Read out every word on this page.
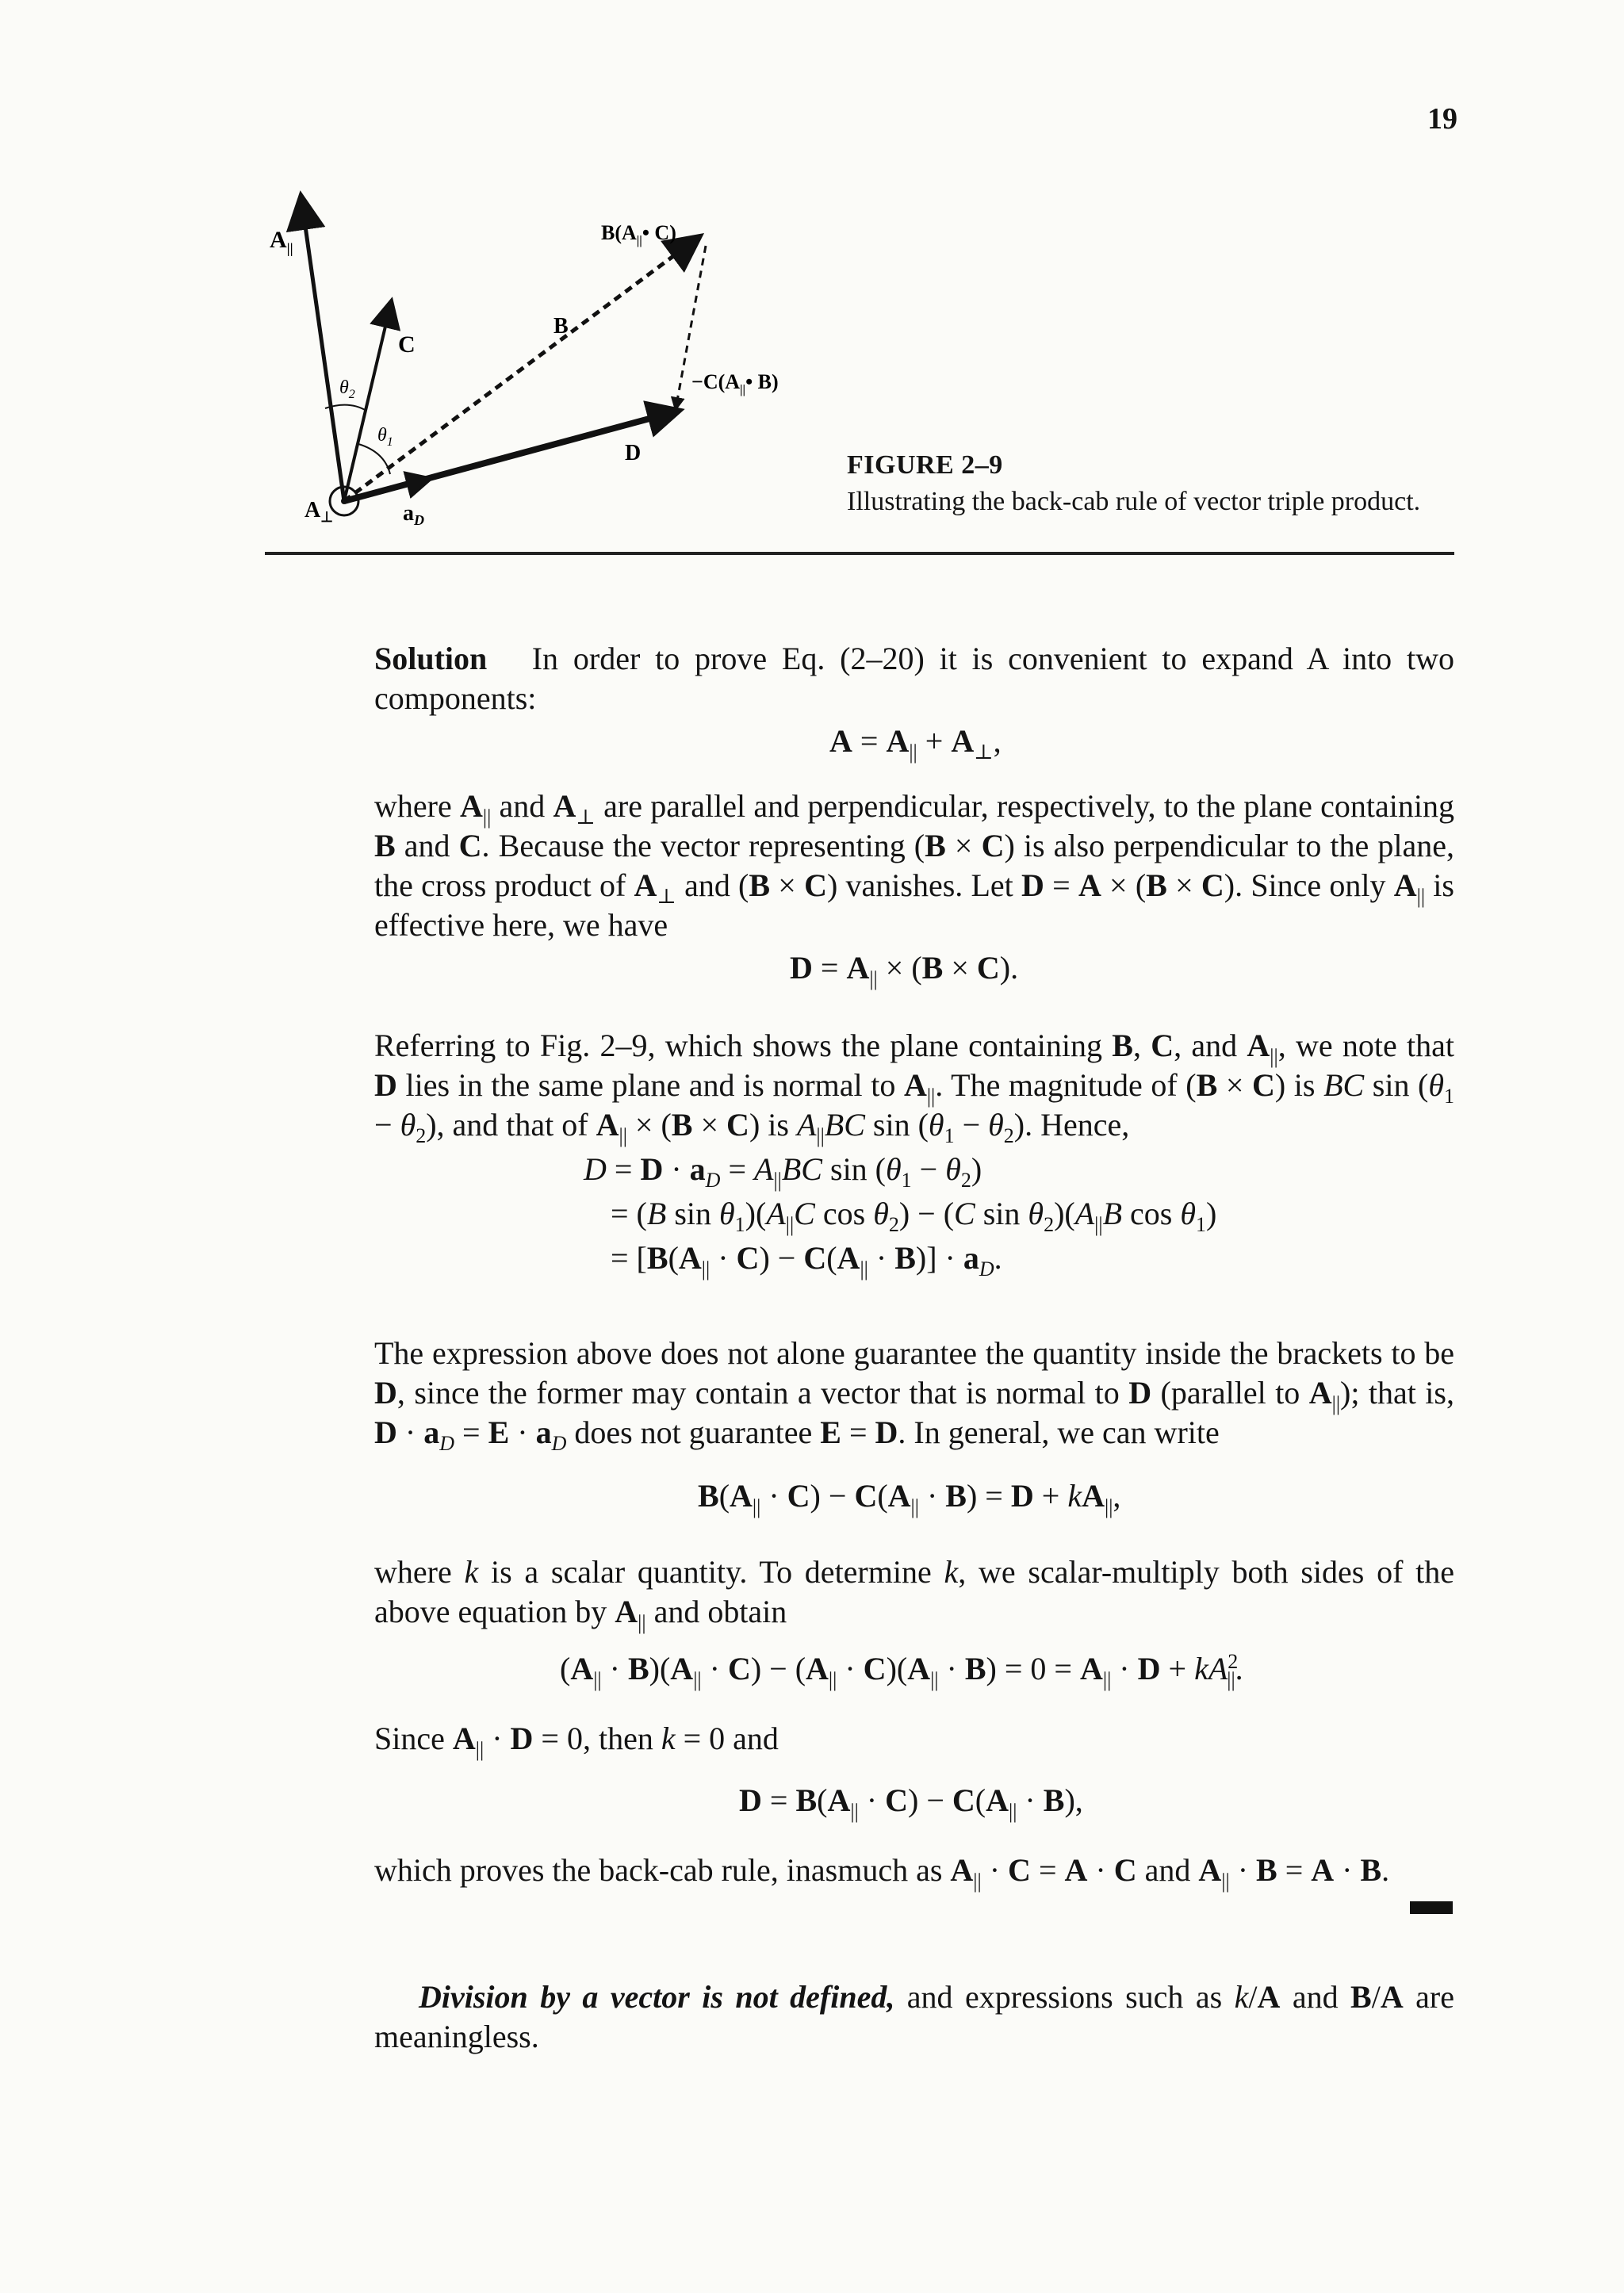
19
$A_{||}$
C
B
$\theta_2$
$\theta_1$	D
$A_\perp$	$a_D$
$B(A_{||}•$ C)
$-C(A_{||}•$ B)
FIGURE 2–9
Illustrating the back-cab rule of vector triple product.
Solution In order to prove Eq. (2–20) it is convenient to expand A into two components:
$A = A_{||} + A_\perp$,
where $A_{||}$ and $A_\perp$ are parallel and perpendicular, respectively, to the plane containing B and C. Because the vector representing (B × C) is also perpendicular to the plane, the cross product of $A_\perp$ and (B × C) vanishes. Let D = A × (B × C). Since only $A_{||}$ is effective here, we have
$D = A_{||} \times (B \times C)$.
Referring to Fig. 2–9, which shows the plane containing B, C, and $A_{||}$, we note that D lies in the same plane and is normal to $A_{||}$. The magnitude of (B × C) is BC $\sin (\theta_1 - \theta_2)$, and that of $A_{||} \times (B \times C)$ is $A_{||}BC$ $\sin (\theta_1 - \theta_2)$. Hence,
$D = D \cdot a_D = A_{||}BC$ $\sin (\theta_1 - \theta_2)$
= (B $\sin \theta_1)(A_{||}C$ $\cos \theta_2) - (C$ $\sin \theta_2)(A_{||}B$ $\cos \theta_1$)
= $[B(A_{||} \cdot C) - C(A_{||} \cdot B)] \cdot a_D$.
The expression above does not alone guarantee the quantity inside the brackets to be D, since the former may contain a vector that is normal to D (parallel to $A_{||}$); that is, $D \cdot a_D = E \cdot a_D$ does not guarantee E = D. In general, we can write
$B(A_{||} \cdot C) - C(A_{||} \cdot B) = D + kA_{||}$,
where k is a scalar quantity. To determine k, we scalar-multiply both sides of the above equation by $A_{||}$ and obtain
$(A_{||} \cdot B)(A_{||} \cdot C) - (A_{||} \cdot C)(A_{||} \cdot B) = 0 = A_{||} \cdot D + kA^2_{||}$.
Since $A_{||} \cdot D = 0$, then k = 0 and
$D = B(A_{||} \cdot C) - C(A_{||} \cdot B)$,
which proves the back-cab rule, inasmuch as $A_{||} \cdot C = A \cdot C$ and $A_{||} \cdot B = A \cdot B$.
Division by a vector is not defined, and expressions such as k/A and B/A are meaningless.
